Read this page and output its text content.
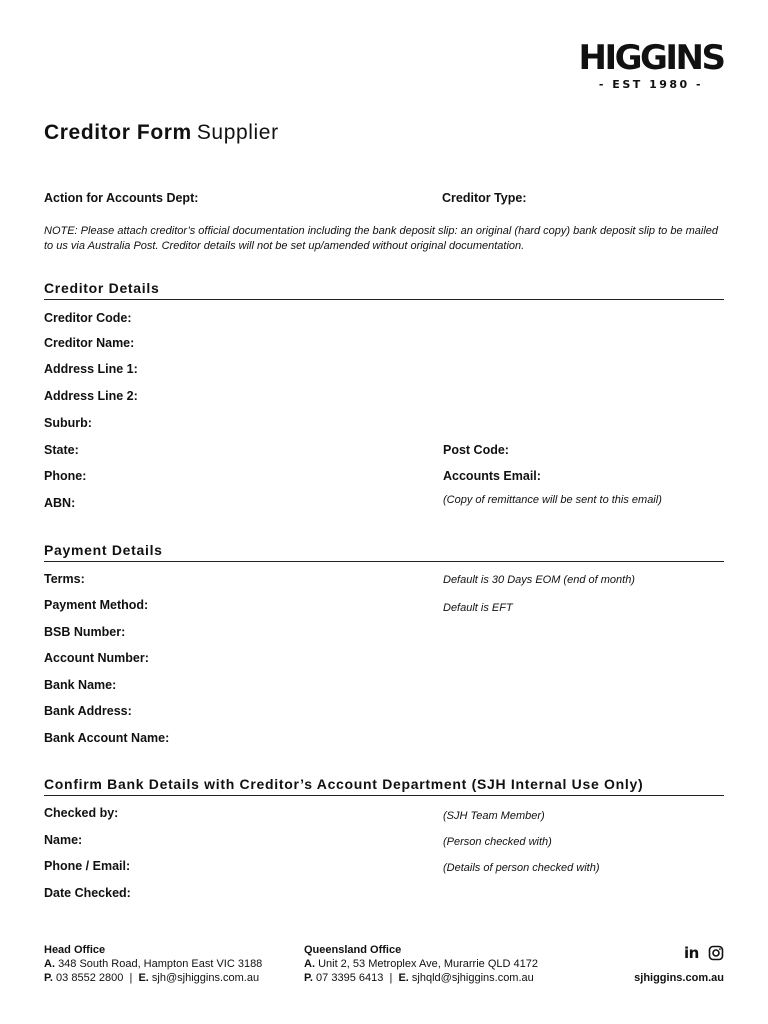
HIGGINS
- EST 1980 -
Creditor Form Supplier
Action for Accounts Dept:	Creditor Type:
NOTE: Please attach creditor’s official documentation including the bank deposit slip: an original (hard copy) bank deposit slip to be mailed to us via Australia Post. Creditor details will not be set up/amended without original documentation.
Creditor Details
Creditor Code:
Creditor Name:
Address Line 1:
Address Line 2:
Suburb:
State:
Phone:
ABN:
Post Code:
Accounts Email:
(Copy of remittance will be sent to this email)
Payment Details
Terms:
Payment Method:
BSB Number:
Account Number:
Bank Name:
Bank Address:
Bank Account Name:
Default is 30 Days EOM (end of month)
Default is EFT
Confirm Bank Details with Creditor’s Account Department (SJH Internal Use Only)
Checked by:
Name:
Phone / Email:
Date Checked:
(SJH Team Member)
(Person checked with)
(Details of person checked with)
Head Office
A. 348 South Road, Hampton East VIC 3188
P. 03 8552 2800 | E. sjh@sjhiggins.com.au
Queensland Office
A. Unit 2, 53 Metroplex Ave, Murarrie QLD 4172
P. 07 3395 6413 | E. sjhqld@sjhiggins.com.au
in
sjhiggins.com.au
